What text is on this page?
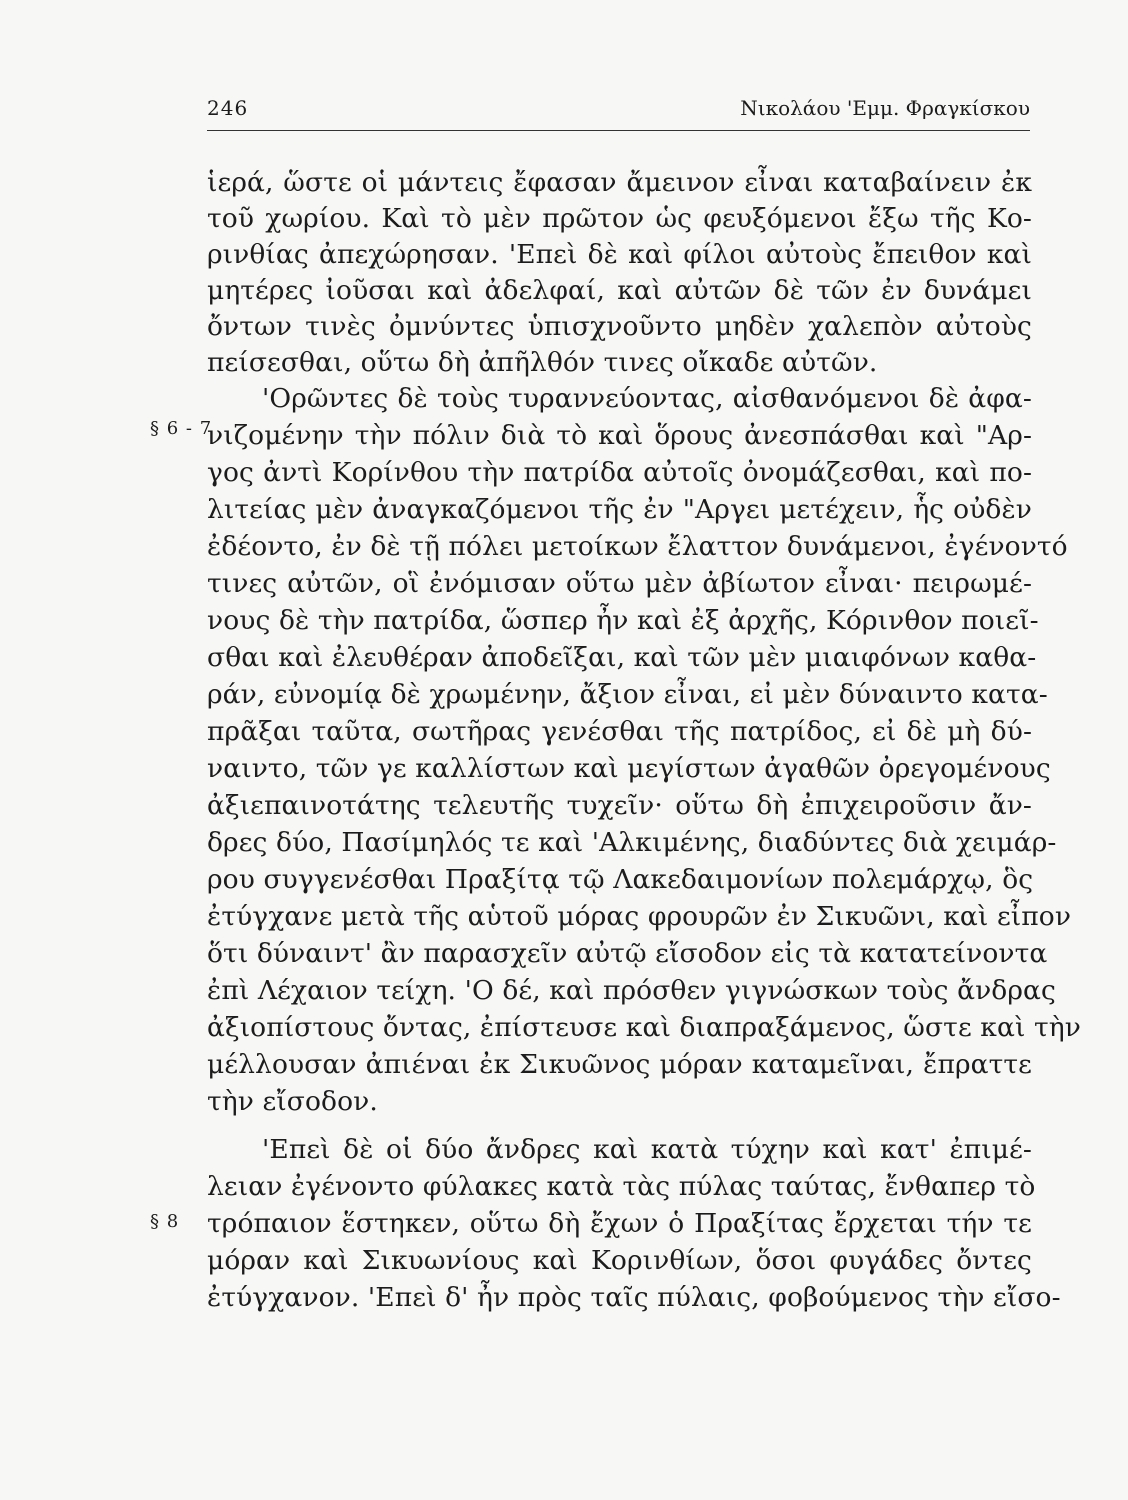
246	Νικολάου 'Εμμ. Φραγκίσκου
§ 6 - 7
§ 8
ἱερά, ὥστε οἱ μάντεις ἔφασαν ἄμεινον εἶναι καταβαίνειν ἐκ
τοῦ χωρίου. Καὶ τὸ μὲν πρῶτον ὡς φευξόμενοι ἔξω τῆς Κο-
ρινθίας ἀπεχώρησαν. 'Επεὶ δὲ καὶ φίλοι αὐτοὺς ἔπειθον καὶ
μητέρες ἰοῦσαι καὶ ἀδελφαί, καὶ αὐτῶν δὲ τῶν ἐν δυνάμει
ὄντων τινὲς ὀμνύντες ὑπισχνοῦντο μηδὲν χαλεπὸν αὐτοὺς
πείσεσθαι, οὕτω δὴ ἀπῆλθόν τινες οἴκαδε αὐτῶν.
'Ορῶντες δὲ τοὺς τυραννεύοντας, αἰσθανόμενοι δὲ ἀφα-
νιζομένην τὴν πόλιν διὰ τὸ καὶ ὅρους ἀνεσπάσθαι καὶ "Αρ-
γος ἀντὶ Κορίνθου τὴν πατρίδα αὐτοῖς ὀνομάζεσθαι, καὶ πο-
λιτείας μὲν ἀναγκαζόμενοι τῆς ἐν "Αργει μετέχειν, ἧς οὐδὲν
ἐδέοντο, ἐν δὲ τῇ πόλει μετοίκων ἔλαττον δυνάμενοι, ἐγένοντό
τινες αὐτῶν, οἳ ἐνόμισαν οὕτω μὲν ἀβίωτον εἶναι· πειρωμέ-
νους δὲ τὴν πατρίδα, ὥσπερ ἦν καὶ ἐξ ἀρχῆς, Κόρινθον ποιεῖ-
σθαι καὶ ἐλευθέραν ἀποδεῖξαι, καὶ τῶν μὲν μιαιφόνων καθα-
ράν, εὐνομίᾳ δὲ χρωμένην, ἄξιον εἶναι, εἰ μὲν δύναιντο κατα-
πρᾶξαι ταῦτα, σωτῆρας γενέσθαι τῆς πατρίδος, εἰ δὲ μὴ δύ-
ναιντο, τῶν γε καλλίστων καὶ μεγίστων ἀγαθῶν ὀρεγομένους
ἀξιεπαινοτάτης τελευτῆς τυχεῖν· οὕτω δὴ ἐπιχειροῦσιν ἄν-
δρες δύο, Πασίμηλός τε καὶ 'Αλκιμένης, διαδύντες διὰ χειμάρ-
ρου συγγενέσθαι Πραξίτᾳ τῷ Λακεδαιμονίων πολεμάρχῳ, ὃς
ἐτύγχανε μετὰ τῆς αὑτοῦ μόρας φρουρῶν ἐν Σικυῶνι, καὶ εἶπον
ὅτι δύναιντ' ἂν παρασχεῖν αὐτῷ εἴσοδον εἰς τὰ κατατείνοντα
ἐπὶ Λέχαιον τείχη. 'Ο δέ, καὶ πρόσθεν γιγνώσκων τοὺς ἄνδρας
ἀξιοπίστους ὄντας, ἐπίστευσε καὶ διαπραξάμενος, ὥστε καὶ τὴν
μέλλουσαν ἀπιέναι ἐκ Σικυῶνος μόραν καταμεῖναι, ἔπραττε
τὴν εἴσοδον.
'Επεὶ δὲ οἱ δύο ἄνδρες καὶ κατὰ τύχην καὶ κατ' ἐπιμέ-
λειαν ἐγένοντο φύλακες κατὰ τὰς πύλας ταύτας, ἔνθαπερ τὸ
τρόπαιον ἕστηκεν, οὕτω δὴ ἔχων ὁ Πραξίτας ἔρχεται τήν τε
μόραν καὶ Σικυωνίους καὶ Κορινθίων, ὅσοι φυγάδες ὄντες
ἐτύγχανον. 'Επεὶ δ' ἦν πρὸς ταῖς πύλαις, φοβούμενος τὴν εἴσο-
